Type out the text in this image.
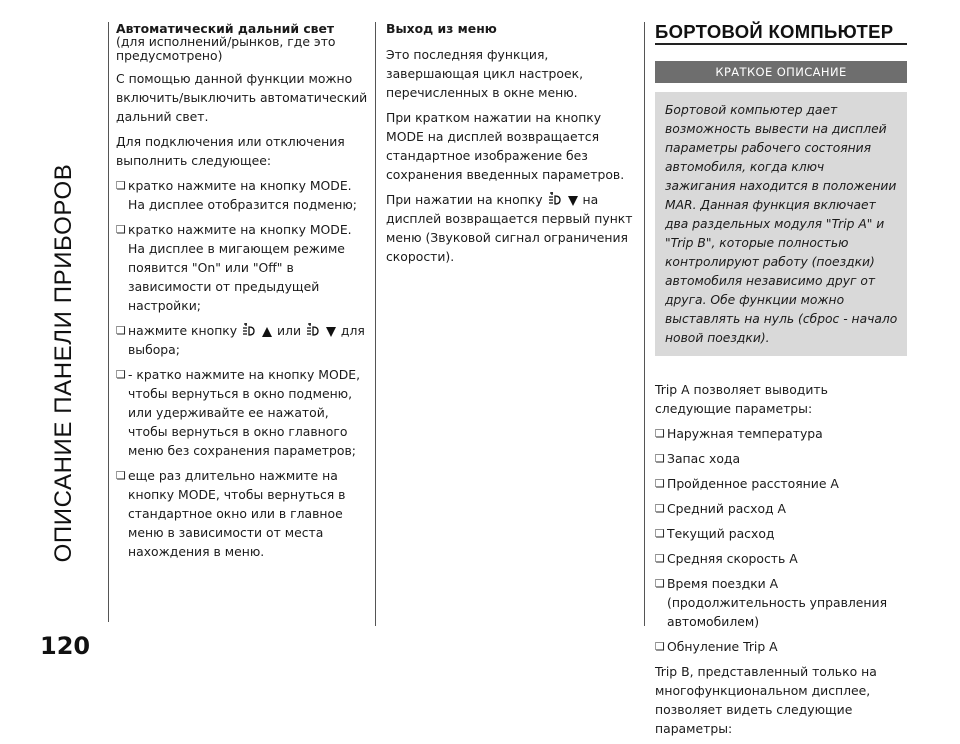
ОПИСАНИЕ ПАНЕЛИ ПРИБОРОВ
Автоматический дальний свет
(для исполнений/рынков, где это предусмотрено)

С помощью данной функции можно включить/выключить автоматический дальний свет.

Для подключения или отключения выполнить следующее:

❏ кратко нажмите на кнопку MODE. На дисплее отобразится подменю;
❏ кратко нажмите на кнопку MODE. На дисплее в мигающем режиме появится "On" или "Off" в зависимости от предыдущей настройки;
❏ нажмите кнопку	или	для выбора;
❏ - кратко нажмите на кнопку MODE, чтобы вернуться в окно подменю, или удерживайте ее нажатой, чтобы вернуться в окно главного меню без сохранения параметров;
❏ еще раз длительно нажмите на кнопку MODE, чтобы вернуться в стандартное окно или в главное меню в зависимости от места нахождения в меню.

Выход из меню

Это последняя функция, завершающая цикл настроек, перечисленных в окне меню.

При кратком нажатии на кнопку MODE на дисплей возвращается стандартное изображение без сохранения введенных параметров.

При нажатии на кнопку	на дисплей возвращается первый пункт меню (Звуковой сигнал ограничения скорости).

БОРТОВОЙ КОМПЬЮТЕР
КРАТКОЕ ОПИСАНИЕ
Бортовой компьютер дает возможность вывести на дисплей параметры рабочего состояния автомобиля, когда ключ зажигания находится в положении MAR. Данная функция включает два раздельных модуля "Trip A" и "Trip B", которые полностью контролируют работу (поездки) автомобиля независимо друг от друга. Обе функции можно выставлять на нуль (сброс - начало новой поездки).

Trip A позволяет выводить следующие параметры:

❏ Наружная температура
❏ Запас хода
❏ Пройденное расстояние A
❏ Средний расход A
❏ Текущий расход
❏ Средняя скорость A
❏ Время поездки A (продолжительность управления автомобилем)
❏ Обнуление Trip A

Trip B, представленный только на многофункциональном дисплее, позволяет видеть следующие параметры:

120
